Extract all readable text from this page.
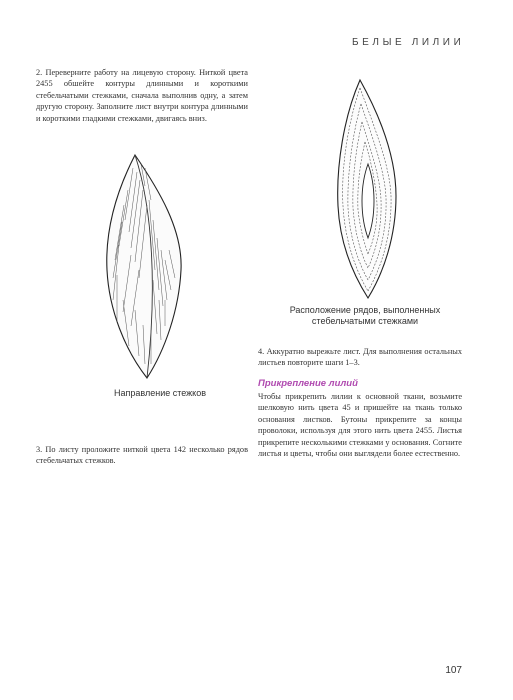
БЕЛЫЕ ЛИЛИИ

2. Переверните работу на лицевую сторону. Ниткой цвета 2455 обшейте контуры длинными и короткими стебельчатыми стежками, сначала выполнив одну, а затем другую сторону. Заполните лист внутри контура длинными и короткими гладкими стежками, двигаясь вниз.

Направление стежков

3. По листу проложите ниткой цвета 142 несколько рядов стебельчатых стежков.

Расположение рядов, выполненных стебельчатыми стежками

4. Аккуратно вырежьте лист. Для выполнения остальных листьев повторите шаги 1–3.

Прикрепление лилий

Чтобы прикрепить лилии к основной ткани, возьмите шелковую нить цвета 45 и пришейте на ткань только основания листков. Бутоны прикрепите за концы проволоки, используя для этого нить цвета 2455. Листья прикрепите несколькими стежками у основания. Согните листья и цветы, чтобы они выглядели более естественно.

107
